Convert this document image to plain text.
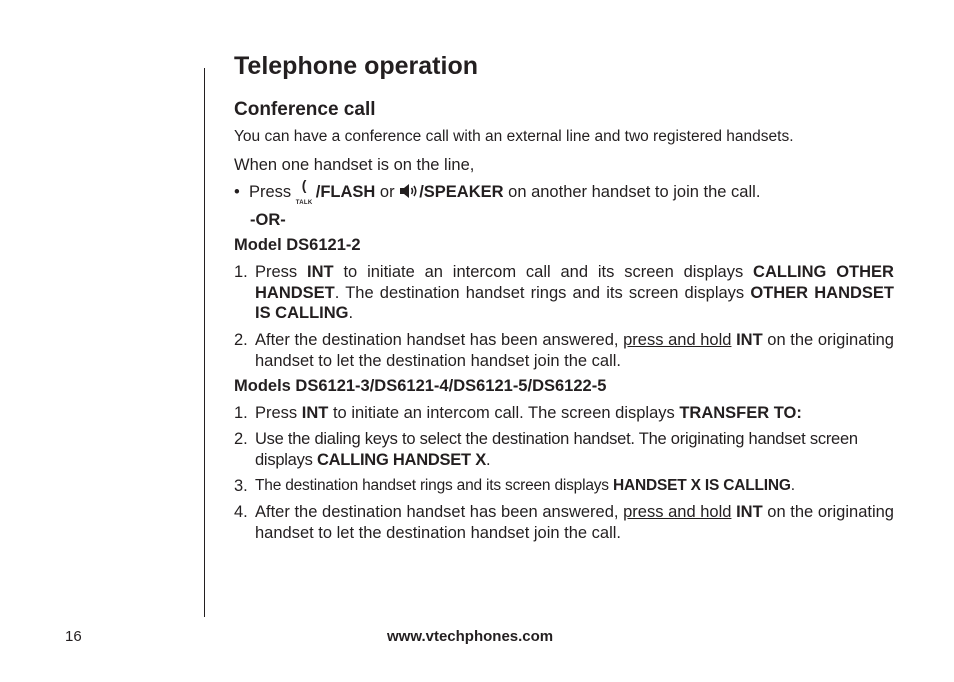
Telephone operation
Conference call
You can have a conference call with an external line and two registered handsets.
When one handset is on the line,
• Press (
TALK
/FLASH or /SPEAKER on another handset to join the call.
-OR-
Model DS6121-2
1. Press INT to initiate an intercom call and its screen displays CALLING OTHER HANDSET. The destination handset rings and its screen displays OTHER HANDSET IS CALLING.
2. After the destination handset has been answered, press and hold INT on the originating handset to let the destination handset join the call.
Models DS6121-3/DS6121-4/DS6121-5/DS6122-5
1. Press INT to initiate an intercom call. The screen displays TRANSFER TO:
2. Use the dialing keys to select the destination handset. The originating handset screen displays CALLING HANDSET X.
3. The destination handset rings and its screen displays HANDSET X IS CALLING.
4. After the destination handset has been answered, press and hold INT on the originating handset to let the destination handset join the call.
16	www.vtechphones.com
